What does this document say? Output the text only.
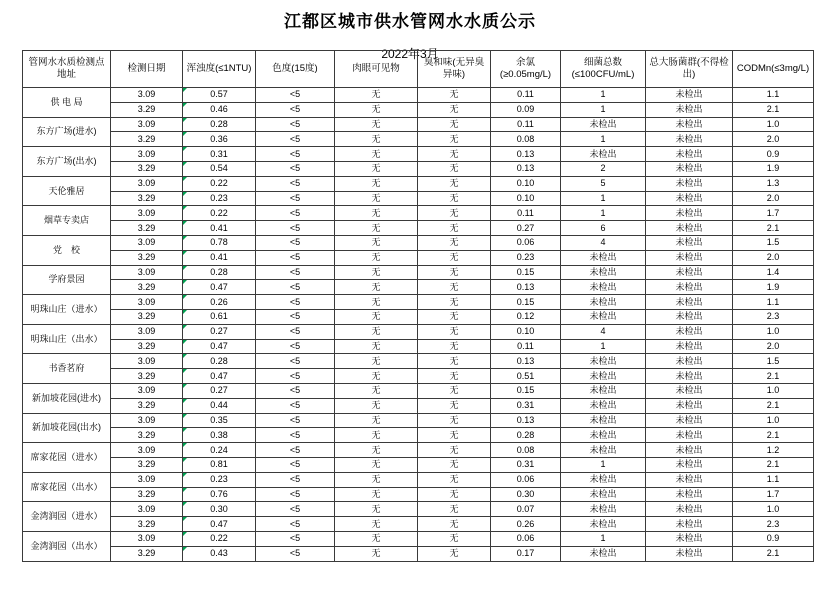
江都区城市供水管网水水质公示
2022年3月
管网水水质检测点地址	检测日期	浑浊度(≤1NTU)	色度(15度)	肉眼可见物	臭和味(无异臭异味)	余氯(≥0.05mg/L)	细菌总数(≤100CFU/mL)	总大肠菌群(不得检出)	CODMn(≤3mg/L)
供 电 局	3.09	0.57	<5	无	无	0.11	1	未检出	1.1
	3.29	0.46	<5	无	无	0.09	1	未检出	2.1
东方广场(进水)	3.09	0.28	<5	无	无	0.11	未检出	未检出	1.0
	3.29	0.36	<5	无	无	0.08	1	未检出	2.0
东方广场(出水)	3.09	0.31	<5	无	无	0.13	未检出	未检出	0.9
	3.29	0.54	<5	无	无	0.13	2	未检出	1.9
天伦雅居	3.09	0.22	<5	无	无	0.10	5	未检出	1.3
	3.29	0.23	<5	无	无	0.10	1	未检出	2.0
烟草专卖店	3.09	0.22	<5	无	无	0.11	1	未检出	1.7
	3.29	0.41	<5	无	无	0.27	6	未检出	2.1
党　校	3.09	0.78	<5	无	无	0.06	4	未检出	1.5
	3.29	0.41	<5	无	无	0.23	未检出	未检出	2.0
学府景园	3.09	0.28	<5	无	无	0.15	未检出	未检出	1.4
	3.29	0.47	<5	无	无	0.13	未检出	未检出	1.9
明珠山庄（进水）	3.09	0.26	<5	无	无	0.15	未检出	未检出	1.1
	3.29	0.61	<5	无	无	0.12	未检出	未检出	2.3
明珠山庄（出水）	3.09	0.27	<5	无	无	0.10	4	未检出	1.0
	3.29	0.47	<5	无	无	0.11	1	未检出	2.0
书香茗府	3.09	0.28	<5	无	无	0.13	未检出	未检出	1.5
	3.29	0.47	<5	无	无	0.51	未检出	未检出	2.1
新加坡花园(进水)	3.09	0.27	<5	无	无	0.15	未检出	未检出	1.0
	3.29	0.44	<5	无	无	0.31	未检出	未检出	2.1
新加坡花园(出水)	3.09	0.35	<5	无	无	0.13	未检出	未检出	1.0
	3.29	0.38	<5	无	无	0.28	未检出	未检出	2.1
席家花园（进水）	3.09	0.24	<5	无	无	0.08	未检出	未检出	1.2
	3.29	0.81	<5	无	无	0.31	1	未检出	2.1
席家花园（出水）	3.09	0.23	<5	无	无	0.06	未检出	未检出	1.1
	3.29	0.76	<5	无	无	0.30	未检出	未检出	1.7
金湾润园（进水）	3.09	0.30	<5	无	无	0.07	未检出	未检出	1.0
	3.29	0.47	<5	无	无	0.26	未检出	未检出	2.3
金湾润园（出水）	3.09	0.22	<5	无	无	0.06	1	未检出	0.9
	3.29	0.43	<5	无	无	0.17	未检出	未检出	2.1
